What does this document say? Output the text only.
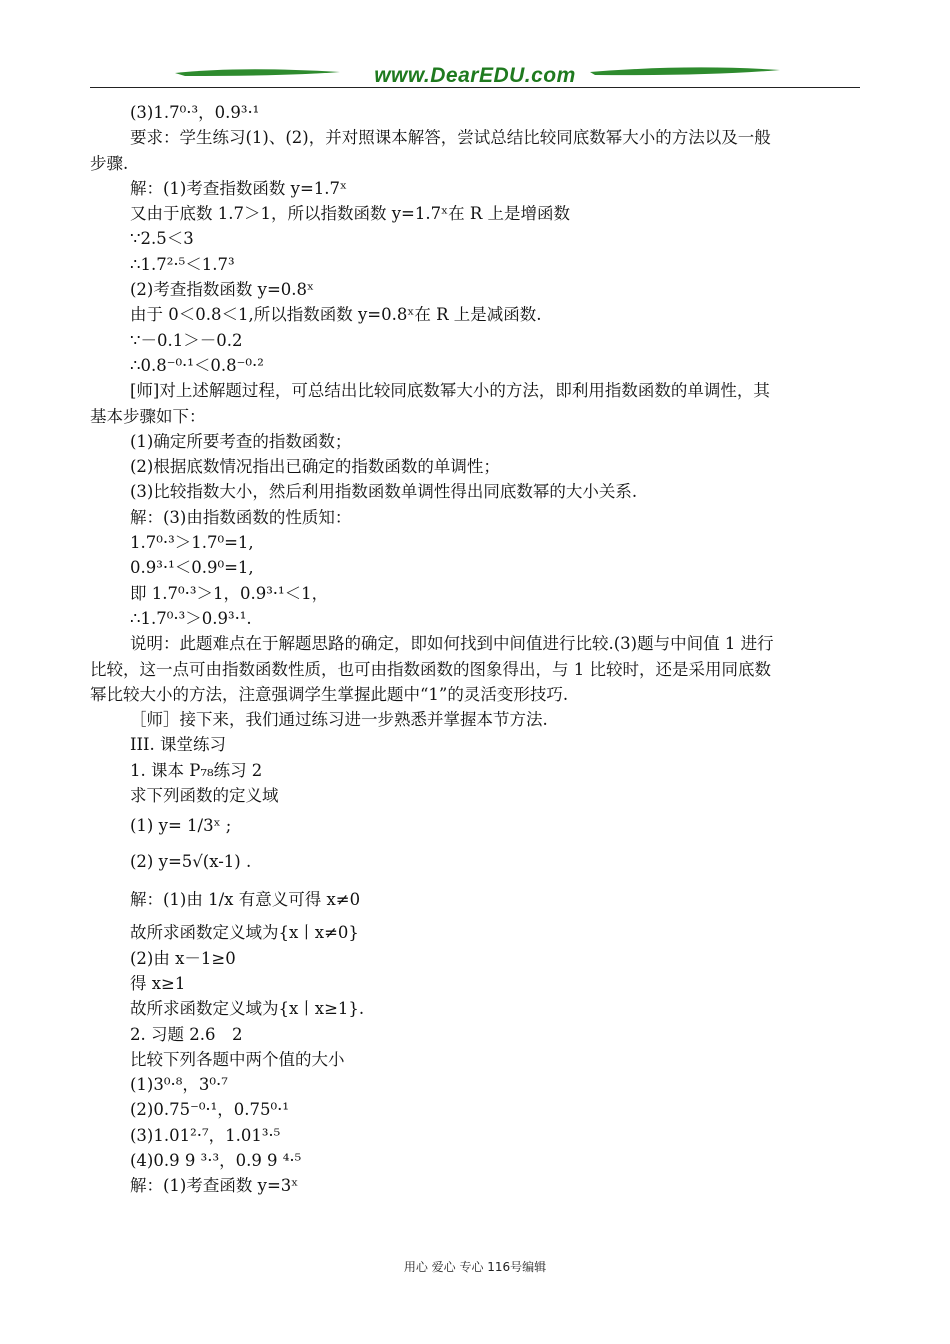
www.DearEDU.com
(3)1.7⁰·³，0.9³·¹
要求：学生练习(1)、(2)，并对照课本解答，尝试总结比较同底数幂大小的方法以及一般
步骤.
解：(1)考查指数函数 y=1.7ˣ
又由于底数 1.7＞1，所以指数函数 y=1.7ˣ在 R 上是增函数
∵2.5＜3
∴1.7²·⁵＜1.7³
(2)考查指数函数 y=0.8ˣ
由于 0＜0.8＜1,所以指数函数 y=0.8ˣ在 R 上是减函数.
∵－0.1＞－0.2
∴0.8⁻⁰·¹＜0.8⁻⁰·²
[师]对上述解题过程，可总结出比较同底数幂大小的方法，即利用指数函数的单调性，其
基本步骤如下：
(1)确定所要考查的指数函数；
(2)根据底数情况指出已确定的指数函数的单调性；
(3)比较指数大小，然后利用指数函数单调性得出同底数幂的大小关系.
解：(3)由指数函数的性质知：
1.7⁰·³＞1.7⁰=1,
0.9³·¹＜0.9⁰=1,
即 1.7⁰·³＞1，0.9³·¹＜1，
∴1.7⁰·³＞0.9³·¹.
说明：此题难点在于解题思路的确定，即如何找到中间值进行比较.(3)题与中间值 1 进行
比较，这一点可由指数函数性质，也可由指数函数的图象得出，与 1 比较时，还是采用同底数
幂比较大小的方法，注意强调学生掌握此题中“1”的灵活变形技巧.
［师］接下来，我们通过练习进一步熟悉并掌握本节方法.
III. 课堂练习
1. 课本 P₇₈练习 2
求下列函数的定义域
(1) y= 1/3ˣ ;
(2) y=5√(x-1) .
解：(1)由 1/x 有意义可得 x≠0
故所求函数定义域为{x丨x≠0}
(2)由 x－1≥0
得 x≥1
故所求函数定义域为{x丨x≥1}.
2. 习题 2.6　2
比较下列各题中两个值的大小
(1)3⁰·⁸，3⁰·⁷
(2)0.75⁻⁰·¹，0.75⁰·¹
(3)1.01²·⁷，1.01³·⁵
(4)0.9 9 ³·³，0.9 9 ⁴·⁵
解：(1)考查函数 y=3ˣ
用心 爱心 专心 116号编辑
